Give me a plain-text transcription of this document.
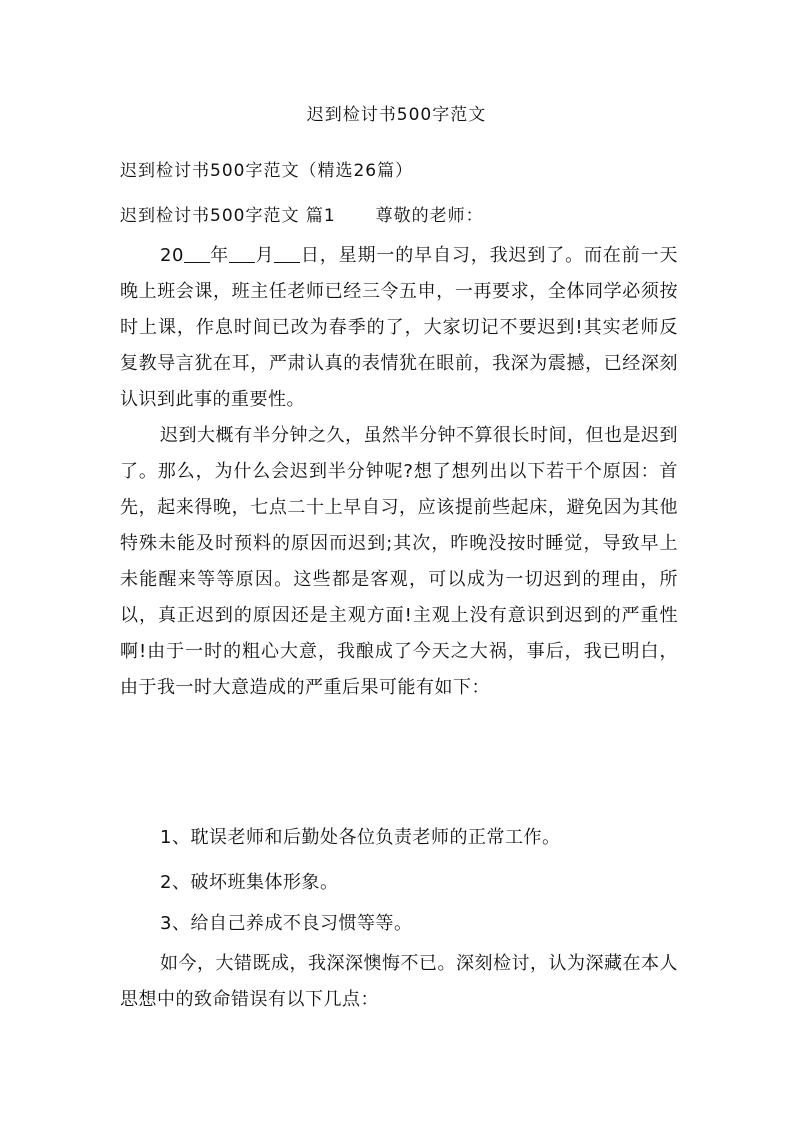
迟到检讨书500字范文
迟到检讨书500字范文（精选26篇）
迟到检讨书500字范文 篇1 尊敬的老师：
20 年 月 日，星期一的早自习，我迟到了。而在前一天晚上班会课，班主任老师已经三令五申，一再要求，全体同学必须按时上课，作息时间已改为春季的了，大家切记不要迟到!其实老师反复教导言犹在耳，严肃认真的表情犹在眼前，我深为震撼，已经深刻认识到此事的重要性。
迟到大概有半分钟之久，虽然半分钟不算很长时间，但也是迟到了。那么，为什么会迟到半分钟呢?想了想列出以下若干个原因：首先，起来得晚，七点二十上早自习，应该提前些起床，避免因为其他特殊未能及时预料的原因而迟到;其次，昨晚没按时睡觉，导致早上未能醒来等等原因。这些都是客观，可以成为一切迟到的理由，所以，真正迟到的原因还是主观方面!主观上没有意识到迟到的严重性啊!由于一时的粗心大意，我酿成了今天之大祸，事后，我已明白，由于我一时大意造成的严重后果可能有如下：
1、耽误老师和后勤处各位负责老师的正常工作。
2、破坏班集体形象。
3、给自己养成不良习惯等等。
如今，大错既成，我深深懊悔不已。深刻检讨，认为深藏在本人思想中的致命错误有以下几点：
